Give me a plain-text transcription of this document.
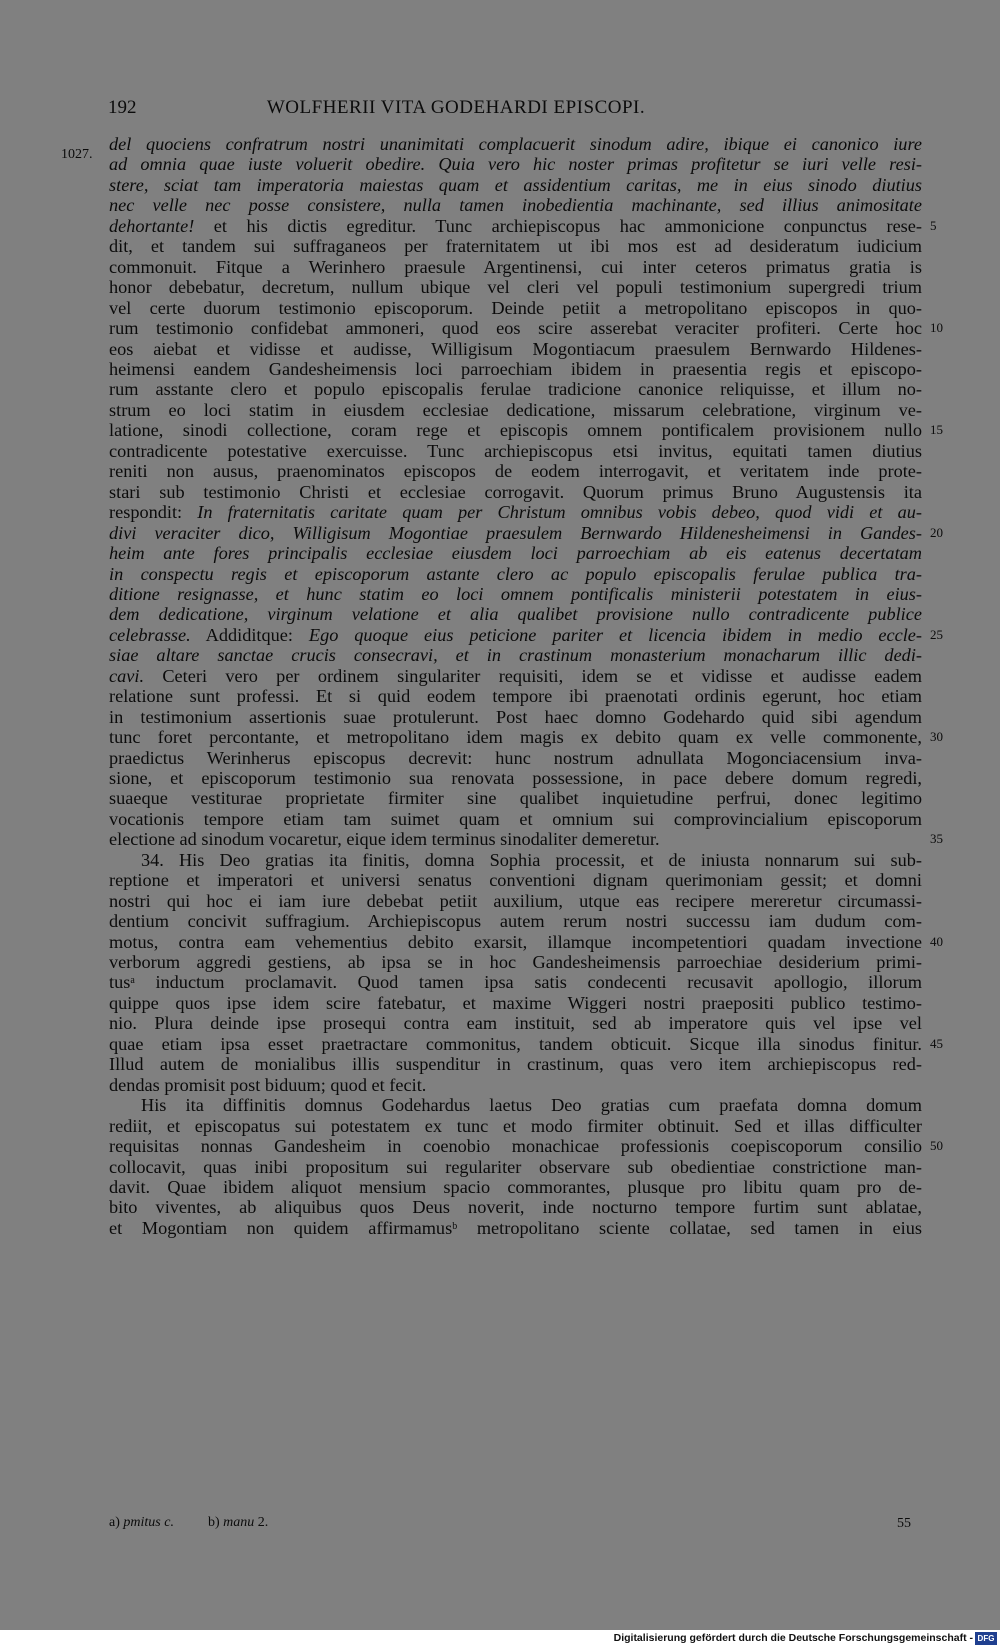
192	WOLFHERII VITA GODEHARDI EPISCOPI.
1027.
del quociens confratrum nostri unanimitati complacuerit sinodum adire, ibique ei canonico iure
ad omnia quae iuste voluerit obedire. Quia vero hic noster primas profitetur se iuri velle resi-
stere, sciat tam imperatoria maiestas quam et assidentium caritas, me in eius sinodo diutius
nec velle nec posse consistere, nulla tamen inobedientia machinante, sed illius animositate
dehortante! et his dictis egreditur. Tunc archiepiscopus hac ammonicione conpunctus rese-
dit, et tandem sui suffraganeos per fraternitatem ut ibi mos est ad desideratum iudicium
commonuit. Fitque a Werinhero praesule Argentinensi, cui inter ceteros primatus gratia is
honor debebatur, decretum, nullum ubique vel cleri vel populi testimonium supergredi trium
vel certe duorum testimonio episcoporum. Deinde petiit a metropolitano episcopos in quo-
rum testimonio confidebat ammoneri, quod eos scire asserebat veraciter profiteri. Certe hoc
eos aiebat et vidisse et audisse, Willigisum Mogontiacum praesulem Bernwardo Hildenes-
heimensi eandem Gandesheimensis loci parroechiam ibidem in praesentia regis et episcopo-
rum asstante clero et populo episcopalis ferulae tradicione canonice reliquisse, et illum no-
strum eo loci statim in eiusdem ecclesiae dedicatione, missarum celebratione, virginum ve-
latione, sinodi collectione, coram rege et episcopis omnem pontificalem provisionem nullo
contradicente potestative exercuisse. Tunc archiepiscopus etsi invitus, equitati tamen diutius
reniti non ausus, praenominatos episcopos de eodem interrogavit, et veritatem inde prote-
stari sub testimonio Christi et ecclesiae corrogavit. Quorum primus Bruno Augustensis ita
respondit: In fraternitatis caritate quam per Christum omnibus vobis debeo, quod vidi et au-
divi veraciter dico, Willigisum Mogontiae praesulem Bernwardo Hildenesheimensi in Gandes-
heim ante fores principalis ecclesiae eiusdem loci parroechiam ab eis eatenus decertatam
in conspectu regis et episcoporum astante clero ac populo episcopalis ferulae publica tra-
ditione resignasse, et hunc statim eo loci omnem pontificalis ministerii potestatem in eius-
dem dedicatione, virginum velatione et alia qualibet provisione nullo contradicente publice
celebrasse. Addiditque: Ego quoque eius peticione pariter et licencia ibidem in medio eccle-
siae altare sanctae crucis consecravi, et in crastinum monasterium monacharum illic dedi-
cavi. Ceteri vero per ordinem singulariter requisiti, idem se et vidisse et audisse eadem
relatione sunt professi. Et si quid eodem tempore ibi praenotati ordinis egerunt, hoc etiam
in testimonium assertionis suae protulerunt. Post haec domno Godehardo quid sibi agendum
tunc foret percontante, et metropolitano idem magis ex debito quam ex velle commonente,
praedictus Werinherus episcopus decrevit: hunc nostrum adnullata Mogonciacensium inva-
sione, et episcoporum testimonio sua renovata possessione, in pace debere domum regredi,
suaeque vestiturae proprietate firmiter sine qualibet inquietudine perfrui, donec legitimo
vocationis tempore etiam tam suimet quam et omnium sui comprovincialium episcoporum
electione ad sinodum vocaretur, eique idem terminus sinodaliter demeretur.
34. His Deo gratias ita finitis, domna Sophia processit, et de iniusta nonnarum sui sub-
reptione et imperatori et universi senatus conventioni dignam querimoniam gessit; et domni
nostri qui hoc ei iam iure debebat petiit auxilium, utque eas recipere mereretur circumassi-
dentium concivit suffragium. Archiepiscopus autem rerum nostri successu iam dudum com-
motus, contra eam vehementius debito exarsit, illamque incompetentiori quadam invectione
verborum aggredi gestiens, ab ipsa se in hoc Gandesheimensis parroechiae desiderium primi-
tus$^a$ inductum proclamavit. Quod tamen ipsa satis condecenti recusavit apollogio, illorum
quippe quos ipse idem scire fatebatur, et maxime Wiggeri nostri praepositi publico testimo-
nio. Plura deinde ipse prosequi contra eam instituit, sed ab imperatore quis vel ipse vel
quae etiam ipsa esset praetractare commonitus, tandem obticuit. Sicque illa sinodus finitur.
Illud autem de monialibus illis suspenditur in crastinum, quas vero item archiepiscopus red-
dendas promisit post biduum; quod et fecit.
His ita diffinitis domnus Godehardus laetus Deo gratias cum praefata domna domum
rediit, et episcopatus sui potestatem ex tunc et modo firmiter obtinuit. Sed et illas difficulter
requisitas nonnas Gandesheim in coenobio monachicae professionis coepiscoporum consilio
collocavit, quas inibi propositum sui regulariter observare sub obedientiae constrictione man-
davit. Quae ibidem aliquot mensium spacio commorantes, plusque pro libitu quam pro de-
bito viventes, ab aliquibus quos Deus noverit, inde nocturno tempore furtim sunt ablatae,
et Mogontiam non quidem affirmamus$^b$ metropolitano sciente collatae, sed tamen in eius
5
10
15
20
25
30
35
40
45
50
a) pmitus c. b) manu 2.	55
Digitalisierung gefördert durch die Deutsche Forschungsgemeinschaft - DFG
